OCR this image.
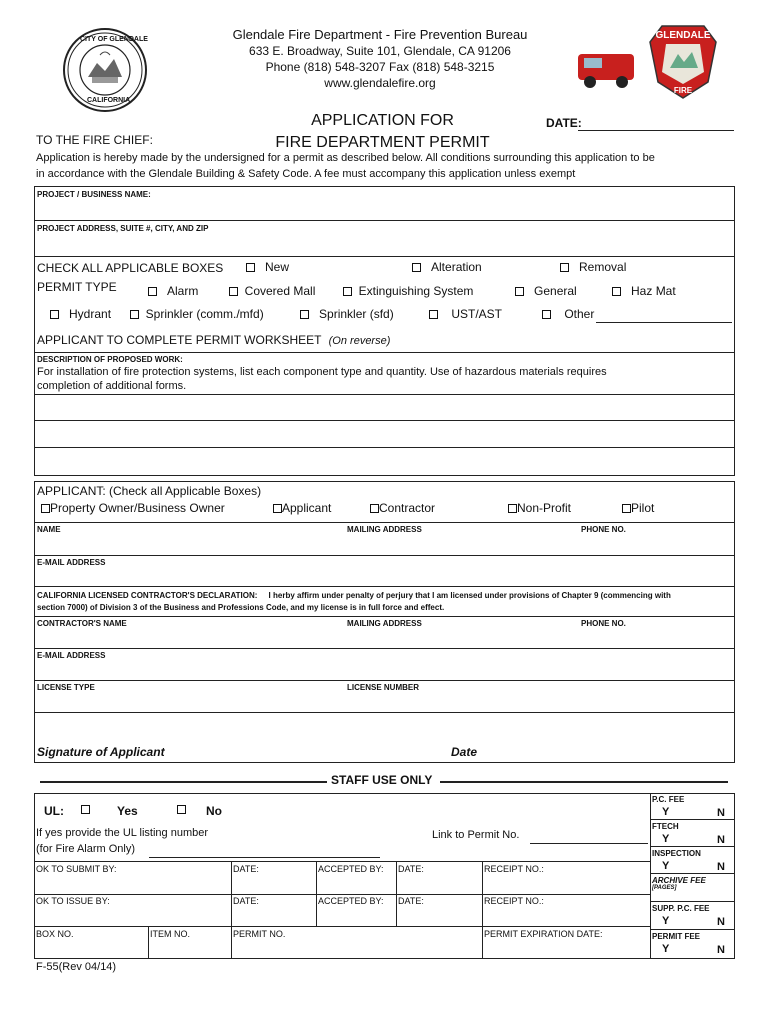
CITY OF GLENDALE
CALIFORNIA
Glendale Fire Department - Fire Prevention Bureau
633 E. Broadway, Suite 101, Glendale, CA 91206
Phone (818) 548-3207 Fax (818) 548-3215
www.glendalefire.org
GLENDALE
FIRE
APPLICATION FOR
FIRE DEPARTMENT PERMIT
DATE:
TO THE FIRE CHIEF:
Application is hereby made by the undersigned for a permit as described below. All conditions surrounding this application to be
in accordance with the Glendale Building & Safety Code. A fee must accompany this application unless exempt
PROJECT / BUSINESS NAME:
PROJECT ADDRESS, SUITE #, CITY, AND ZIP
CHECK ALL APPLICABLE BOXES	New	Alteration	Removal
PERMIT TYPE	Alarm	Covered Mall	Extinguishing System	General	Haz Mat
Hydrant	Sprinkler (comm./mfd)	Sprinkler (sfd)	UST/AST	Other
APPLICANT TO COMPLETE PERMIT WORKSHEET (On reverse)
DESCRIPTION OF PROPOSED WORK:
For installation of fire protection systems, list each component type and quantity. Use of hazardous materials requires
completion of additional forms.
APPLICANT: (Check all Applicable Boxes)
Property Owner/Business Owner	Applicant	Contractor	Non-Profit	Pilot
NAME	MAILING ADDRESS	PHONE NO.
E-MAIL ADDRESS
CALIFORNIA LICENSED CONTRACTOR'S DECLARATION: I herby affirm under penalty of perjury that I am licensed under provisions of Chapter 9 (commencing with
section 7000) of Division 3 of the Business and Professions Code, and my license is in full force and effect.
CONTRACTOR'S NAME	MAILING ADDRESS	PHONE NO.
E-MAIL ADDRESS
LICENSE TYPE	LICENSE NUMBER
Signature of Applicant	Date
STAFF USE ONLY
UL:	Yes	No
If yes provide the UL listing number
(for Fire Alarm Only)
Link to Permit No.
OK TO SUBMIT BY:	DATE:	ACCEPTED BY: DATE:	RECEIPT NO.:
OK TO ISSUE BY:	DATE:	ACCEPTED BY: DATE:	RECEIPT NO.:
BOX NO.	ITEM NO.	PERMIT NO.	PERMIT EXPIRATION DATE:
P.C. FEE
Y	N
FTECH
Y	N
INSPECTION
Y	N
ARCHIVE FEE
[PAGES]
SUPP. P.C. FEE
Y	N
PERMIT FEE
Y	N
F-55(Rev 04/14)
